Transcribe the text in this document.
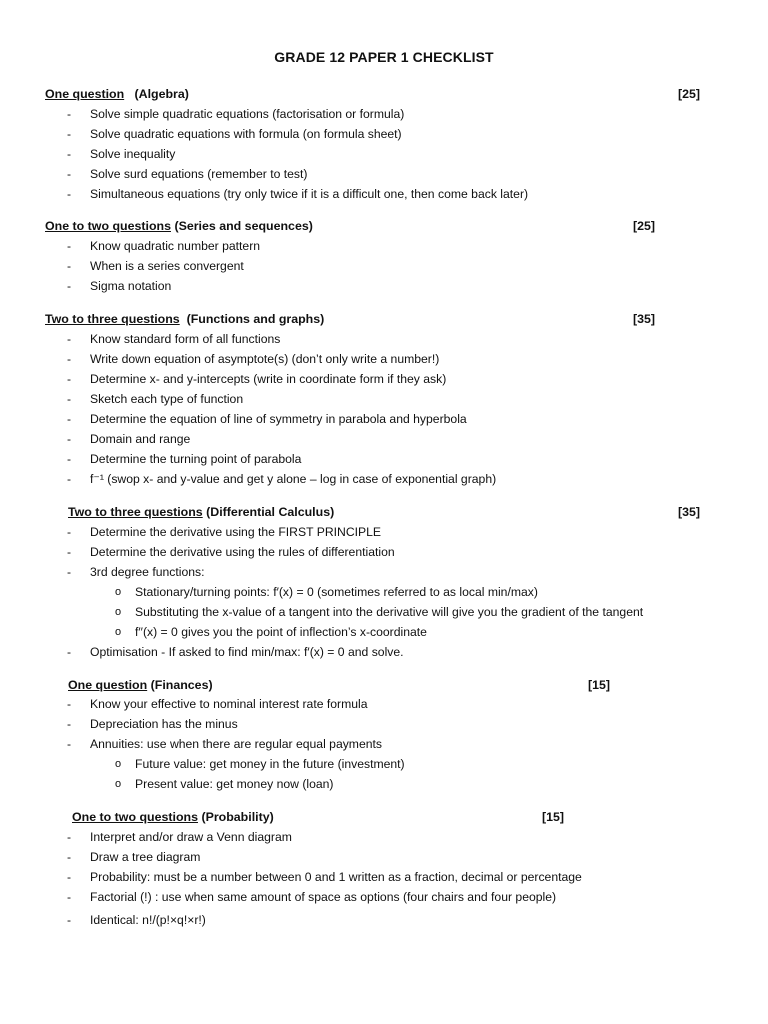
GRADE 12 PAPER 1 CHECKLIST
One question (Algebra)	[25]
- Solve simple quadratic equations (factorisation or formula)
- Solve quadratic equations with formula (on formula sheet)
- Solve inequality
- Solve surd equations (remember to test)
- Simultaneous equations (try only twice if it is a difficult one, then come back later)
One to two questions (Series and sequences)	[25]
- Know quadratic number pattern
- When is a series convergent
- Sigma notation
Two to three questions (Functions and graphs)	[35]
- Know standard form of all functions
- Write down equation of asymptote(s) (don’t only write a number!)
- Determine x- and y-intercepts (write in coordinate form if they ask)
- Sketch each type of function
- Determine the equation of line of symmetry in parabola and hyperbola
- Domain and range
- Determine the turning point of parabola
- f⁻¹ (swop x- and y-value and get y alone – log in case of exponential graph)
Two to three questions (Differential Calculus)	[35]
- Determine the derivative using the FIRST PRINCIPLE
- Determine the derivative using the rules of differentiation
- 3rd degree functions:
o Stationary/turning points: f′(x) = 0 (sometimes referred to as local min/max)
o Substituting the x-value of a tangent into the derivative will give you the gradient of the tangent
o f′′(x) = 0 gives you the point of inflection’s x-coordinate
- Optimisation - If asked to find min/max: f′(x) = 0 and solve.
One question (Finances)	[15]
- Know your effective to nominal interest rate formula
- Depreciation has the minus
- Annuities: use when there are regular equal payments
o Future value: get money in the future (investment)
o Present value: get money now (loan)
One to two questions (Probability)	[15]
- Interpret and/or draw a Venn diagram
- Draw a tree diagram
- Probability: must be a number between 0 and 1 written as a fraction, decimal or percentage
- Factorial (!) : use when same amount of space as options (four chairs and four people)
- Identical: n!/(p!×q!×r!)
